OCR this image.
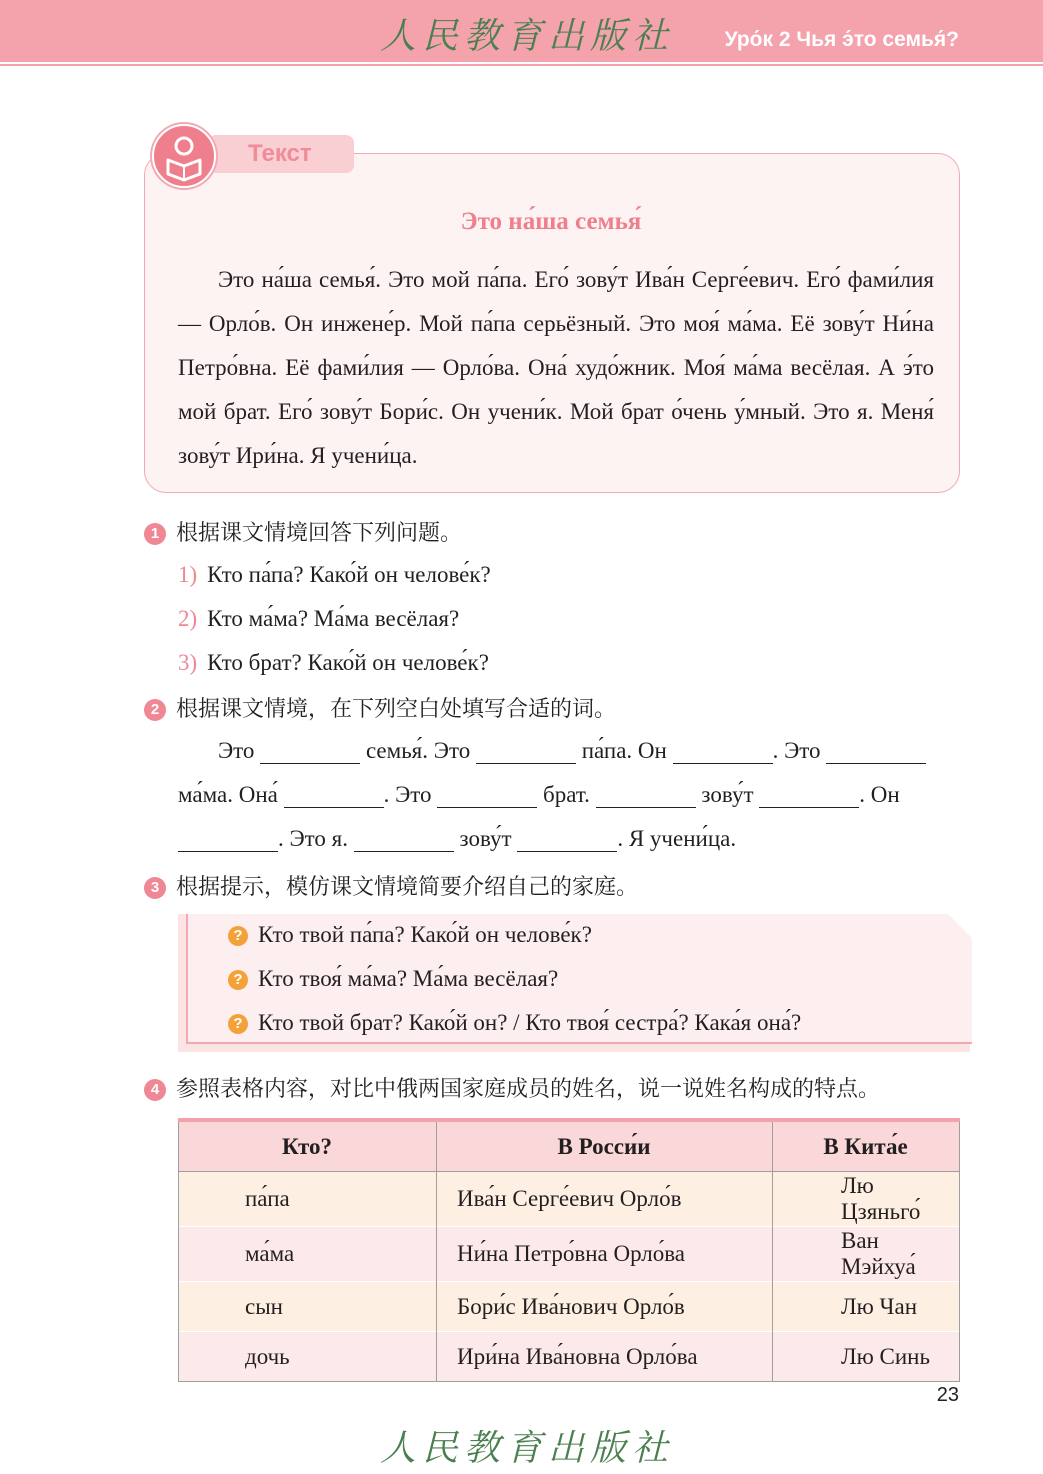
人民教育出版社 Уро́к 2 Чья э́то семья́?
Текст
Это на́ша семья́

Это на́ша семья́. Это мой па́па. Его́ зову́т Ива́н Серге́евич. Его́ фами́лия — Орло́в. Он инжене́р. Мой па́па серьёзный. Это моя́ ма́ма. Её зову́т Ни́на Петро́вна. Её фами́лия — Орло́ва. Она́ худо́жник. Моя́ ма́ма весёлая. А э́то мой брат. Его́ зову́т Бори́с. Он учени́к. Мой брат о́чень у́мный. Это я. Меня́ зову́т Ири́на. Я учени́ца.

1 根据课文情境回答下列问题。
1) Кто па́па? Како́й он челове́к?
2) Кто ма́ма? Ма́ма весёлая?
3) Кто брат? Како́й он челове́к?
2 根据课文情境，在下列空白处填写合适的词。
Это	семья́. Это	па́па. Он	. Это
ма́ма. Она́	. Это	брат.	зову́т	. Он
. Это я.	зову́т	. Я учени́ца.
3 根据提示，模仿课文情境简要介绍自己的家庭。
? Кто твой па́па? Како́й он челове́к?
? Кто твоя́ ма́ма? Ма́ма весёлая?
? Кто твой брат? Како́й он? / Кто твоя́ сестра́? Кака́я она́?
4 参照表格内容，对比中俄两国家庭成员的姓名，说一说姓名构成的特点。
Кто?	В Росси́и	В Кита́е
па́па	Ива́н Серге́евич Орло́в	Лю Цзяньго́
ма́ма	Ни́на Петро́вна Орло́ва	Ван Мэйхуа́
сын	Бори́с Ива́нович Орло́в	Лю Чан
дочь	Ири́на Ива́новна Орло́ва	Лю Синь
23
人民教育出版社
